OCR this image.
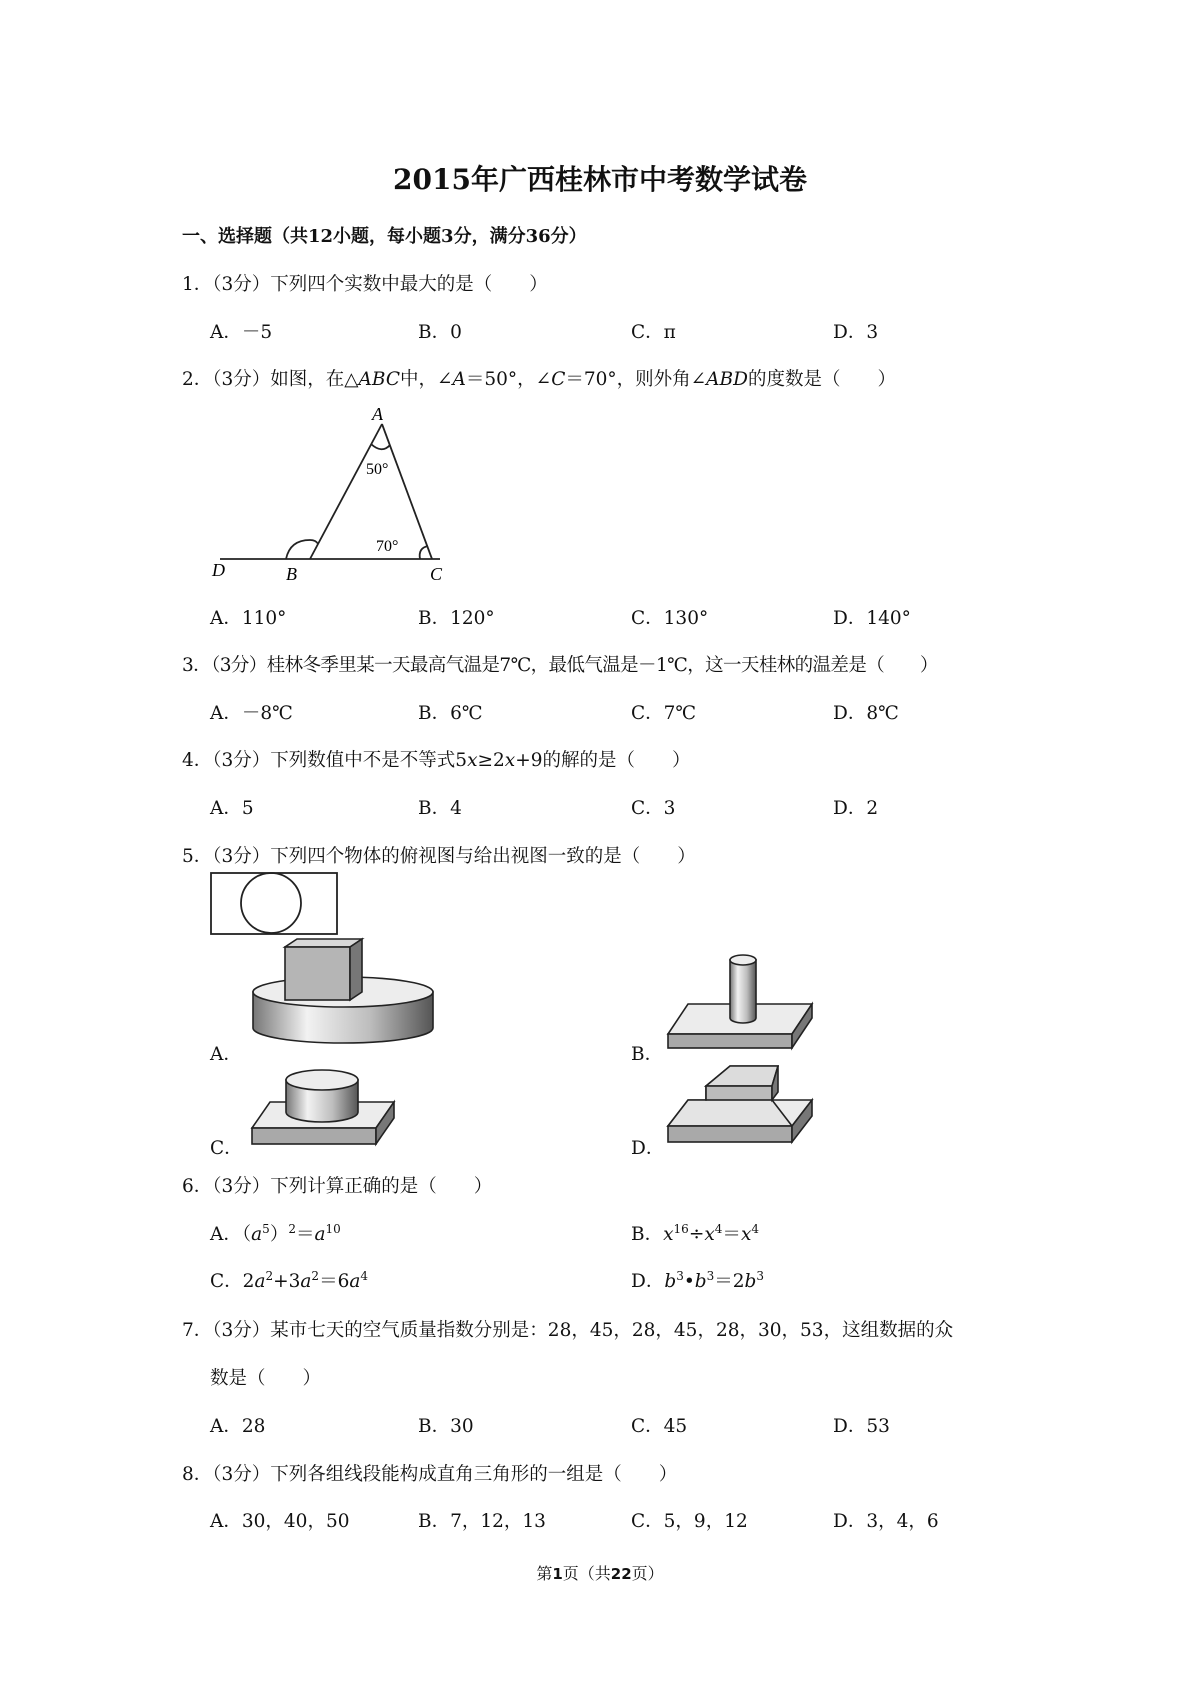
2015年广西桂林市中考数学试卷
一、选择题（共12小题，每小题3分，满分36分）
1．（3分）下列四个实数中最大的是（　　）
A．－5	B．0	C．π	D．3
2．（3分）如图，在△ABC中，∠A＝50°，∠C＝70°，则外角∠ABD的度数是（　　）
A
B	C
D
50°
70°
A．110°	B．120°	C．130°	D．140°
3．（3分）桂林冬季里某一天最高气温是7℃，最低气温是－1℃，这一天桂林的温差是（　　）
A．－8℃	B．6℃	C．7℃	D．8℃
4．（3分）下列数值中不是不等式5x≥2x+9的解的是（　　）
A．5	B．4	C．3	D．2
5．（3分）下列四个物体的俯视图与给出视图一致的是（　　）
A．	B．
C．	D．
6．（3分）下列计算正确的是（　　）
A．$(a^5)^2=a^{10}$	B．$x^{16}\div x^4=x^4$
C．$2a^2+3a^2=6a^4$	D．$b^3•b^3=2b^3$
7．（3分）某市七天的空气质量指数分别是：28，45，28，45，28，30，53，这组数据的众
数是（　　）
A．28	B．30	C．45	D．53
8．（3分）下列各组线段能构成直角三角形的一组是（　　）
A．30，40，50	B．7，12，13	C．5，9，12	D．3，4，6
第1页（共22页）
